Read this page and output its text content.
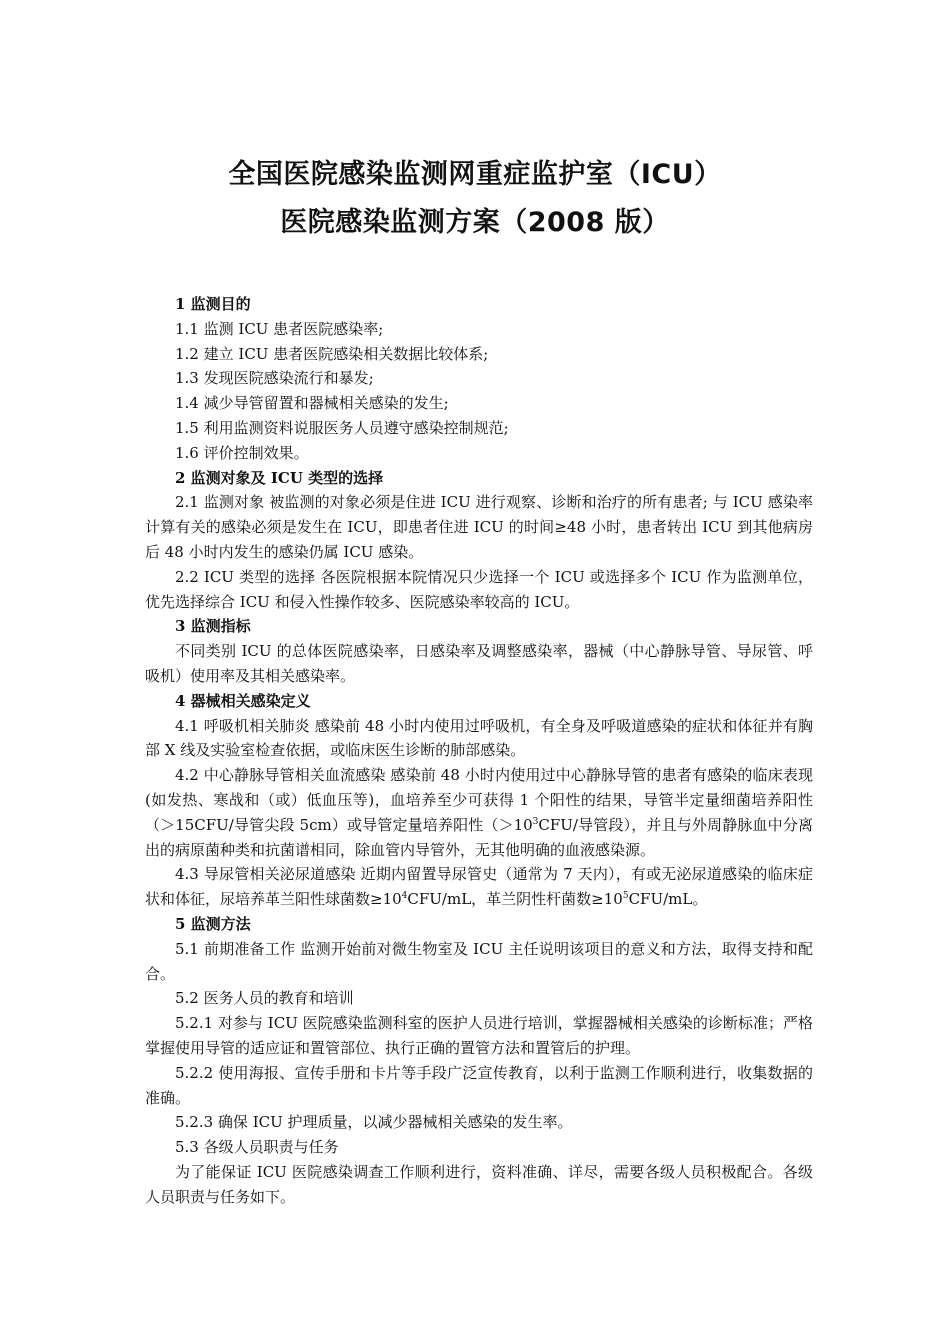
全国医院感染监测网重症监护室（ICU）
医院感染监测方案（2008 版）

1 监测目的

1.1 监测 ICU 患者医院感染率;

1.2 建立 ICU 患者医院感染相关数据比较体系;

1.3 发现医院感染流行和暴发;

1.4 减少导管留置和器械相关感染的发生;

1.5 利用监测资料说服医务人员遵守感染控制规范;

1.6 评价控制效果。

2 监测对象及 ICU 类型的选择

2.1 监测对象 被监测的对象必须是住进 ICU 进行观察、诊断和治疗的所有患者; 与 ICU 感染率计算有关的感染必须是发生在 ICU，即患者住进 ICU 的时间≥48 小时，患者转出 ICU 到其他病房后 48 小时内发生的感染仍属 ICU 感染。

2.2 ICU 类型的选择 各医院根据本院情况只少选择一个 ICU 或选择多个 ICU 作为监测单位，优先选择综合 ICU 和侵入性操作较多、医院感染率较高的 ICU。

3 监测指标

不同类别 ICU 的总体医院感染率，日感染率及调整感染率，器械（中心静脉导管、导尿管、呼吸机）使用率及其相关感染率。

4 器械相关感染定义

4.1 呼吸机相关肺炎 感染前 48 小时内使用过呼吸机，有全身及呼吸道感染的症状和体征并有胸部 X 线及实验室检查依据，或临床医生诊断的肺部感染。

4.2 中心静脉导管相关血流感染 感染前 48 小时内使用过中心静脉导管的患者有感染的临床表现(如发热、寒战和（或）低血压等)，血培养至少可获得 1 个阳性的结果，导管半定量细菌培养阳性（＞15CFU/导管尖段 5cm）或导管定量培养阳性（$>10^3CFU/$导管段），并且与外周静脉血中分离出的病原菌种类和抗菌谱相同，除血管内导管外，无其他明确的血液感染源。

4.3 导尿管相关泌尿道感染 近期内留置导尿管史（通常为 7 天内），有或无泌尿道感染的临床症状和体征，尿培养革兰阳性球菌数$\ge 10^4CFU/mL$，革兰阴性杆菌数$\ge 10^5CFU/mL$。

5 监测方法

5.1 前期准备工作 监测开始前对微生物室及 ICU 主任说明该项目的意义和方法，取得支持和配合。

5.2 医务人员的教育和培训

5.2.1 对参与 ICU 医院感染监测科室的医护人员进行培训，掌握器械相关感染的诊断标准；严格掌握使用导管的适应证和置管部位、执行正确的置管方法和置管后的护理。

5.2.2 使用海报、宣传手册和卡片等手段广泛宣传教育，以利于监测工作顺利进行，收集数据的准确。

5.2.3 确保 ICU 护理质量，以减少器械相关感染的发生率。

5.3 各级人员职责与任务

为了能保证 ICU 医院感染调查工作顺利进行，资料准确、详尽，需要各级人员积极配合。各级人员职责与任务如下。
